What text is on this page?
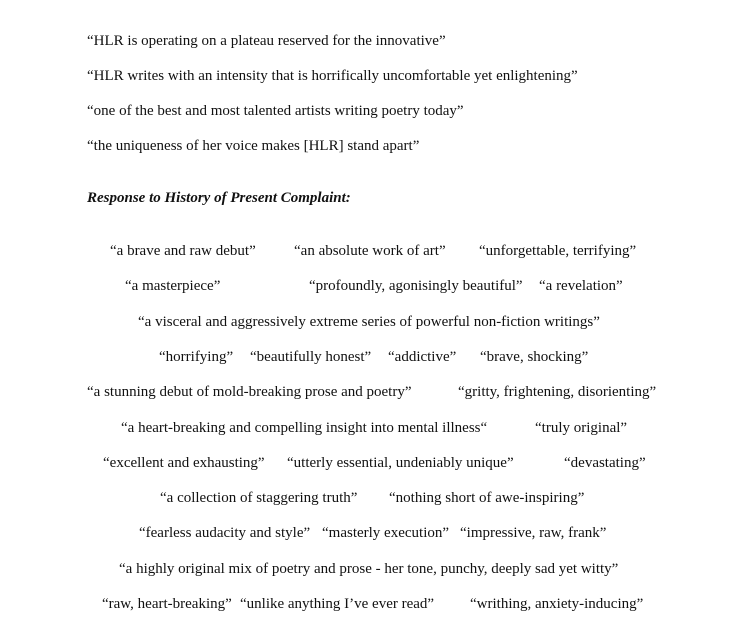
“HLR is operating on a plateau reserved for the innovative”
“HLR writes with an intensity that is horrifically uncomfortable yet enlightening”
“one of the best and most talented artists writing poetry today”
“the uniqueness of her voice makes [HLR] stand apart”
Response to History of Present Complaint:
“a brave and raw debut”	“an absolute work of art” “unforgettable, terrifying”
“a masterpiece”	“profoundly, agonisingly beautiful” “a revelation”
“a visceral and aggressively extreme series of powerful non-fiction writings”
“horrifying” “beautifully honest” “addictive” “brave, shocking”
“a stunning debut of mold-breaking prose and poetry”	“gritty, frightening, disorienting”
“a heart-breaking and compelling insight into mental illness“	“truly original”
“excellent and exhausting” “utterly essential, undeniably unique”	“devastating”
“a collection of staggering truth” “nothing short of awe-inspiring”
“fearless audacity and style” “masterly execution” “impressive, raw, frank”
“a highly original mix of poetry and prose - her tone, punchy, deeply sad yet witty”
“raw, heart-breaking” “unlike anything I’ve ever read” “writhing, anxiety-inducing”
